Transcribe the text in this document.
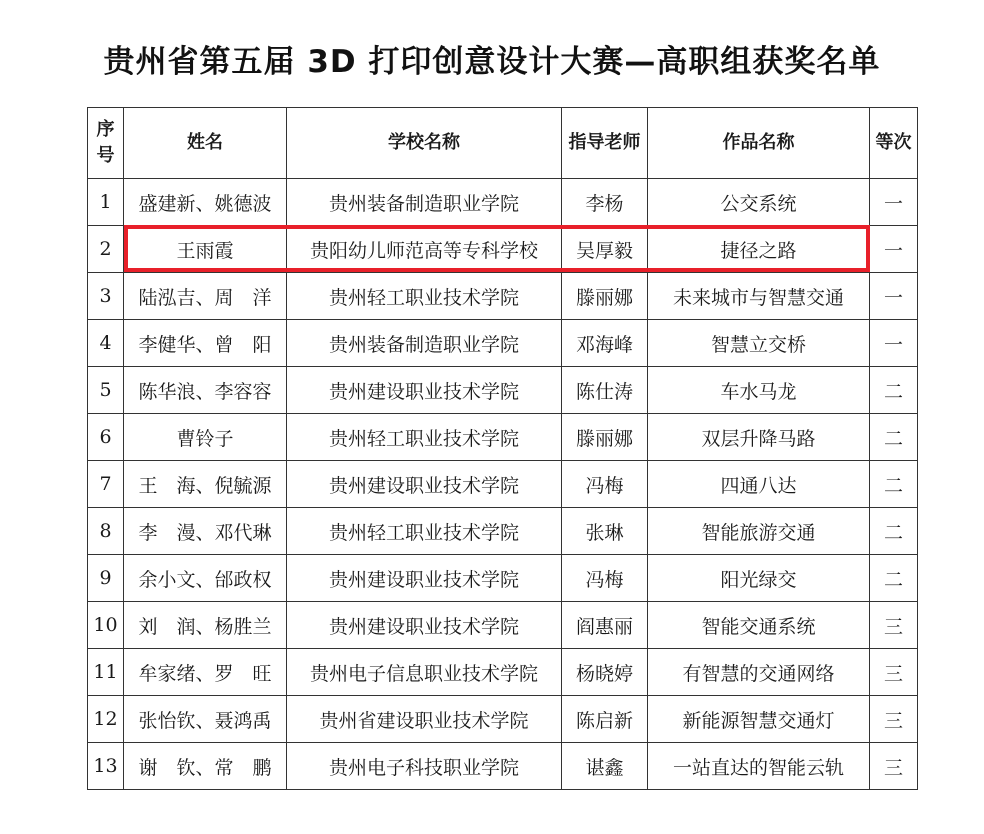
贵州省第五届 3D 打印创意设计大赛—高职组获奖名单
序号	姓名	学校名称	指导老师	作品名称	等次
1	盛建新、姚德波	贵州装备制造职业学院	李杨	公交系统	一
2	王雨霞	贵阳幼儿师范高等专科学校	吴厚毅	捷径之路	一
3	陆泓吉、周　洋	贵州轻工职业技术学院	滕丽娜	未来城市与智慧交通	一
4	李健华、曾　阳	贵州装备制造职业学院	邓海峰	智慧立交桥	一
5	陈华浪、李容容	贵州建设职业技术学院	陈仕涛	车水马龙	二
6	曹铃子	贵州轻工职业技术学院	滕丽娜	双层升降马路	二
7	王　海、倪毓源	贵州建设职业技术学院	冯梅	四通八达	二
8	李　漫、邓代琳	贵州轻工职业技术学院	张琳	智能旅游交通	二
9	余小文、邰政权	贵州建设职业技术学院	冯梅	阳光绿交	二
10	刘　润、杨胜兰	贵州建设职业技术学院	阎惠丽	智能交通系统	三
11	牟家绪、罗　旺	贵州电子信息职业技术学院	杨晓婷	有智慧的交通网络	三
12	张怡钦、聂鸿禹	贵州省建设职业技术学院	陈启新	新能源智慧交通灯	三
13	谢　钦、常　鹏	贵州电子科技职业学院	谌鑫	一站直达的智能云轨	三
